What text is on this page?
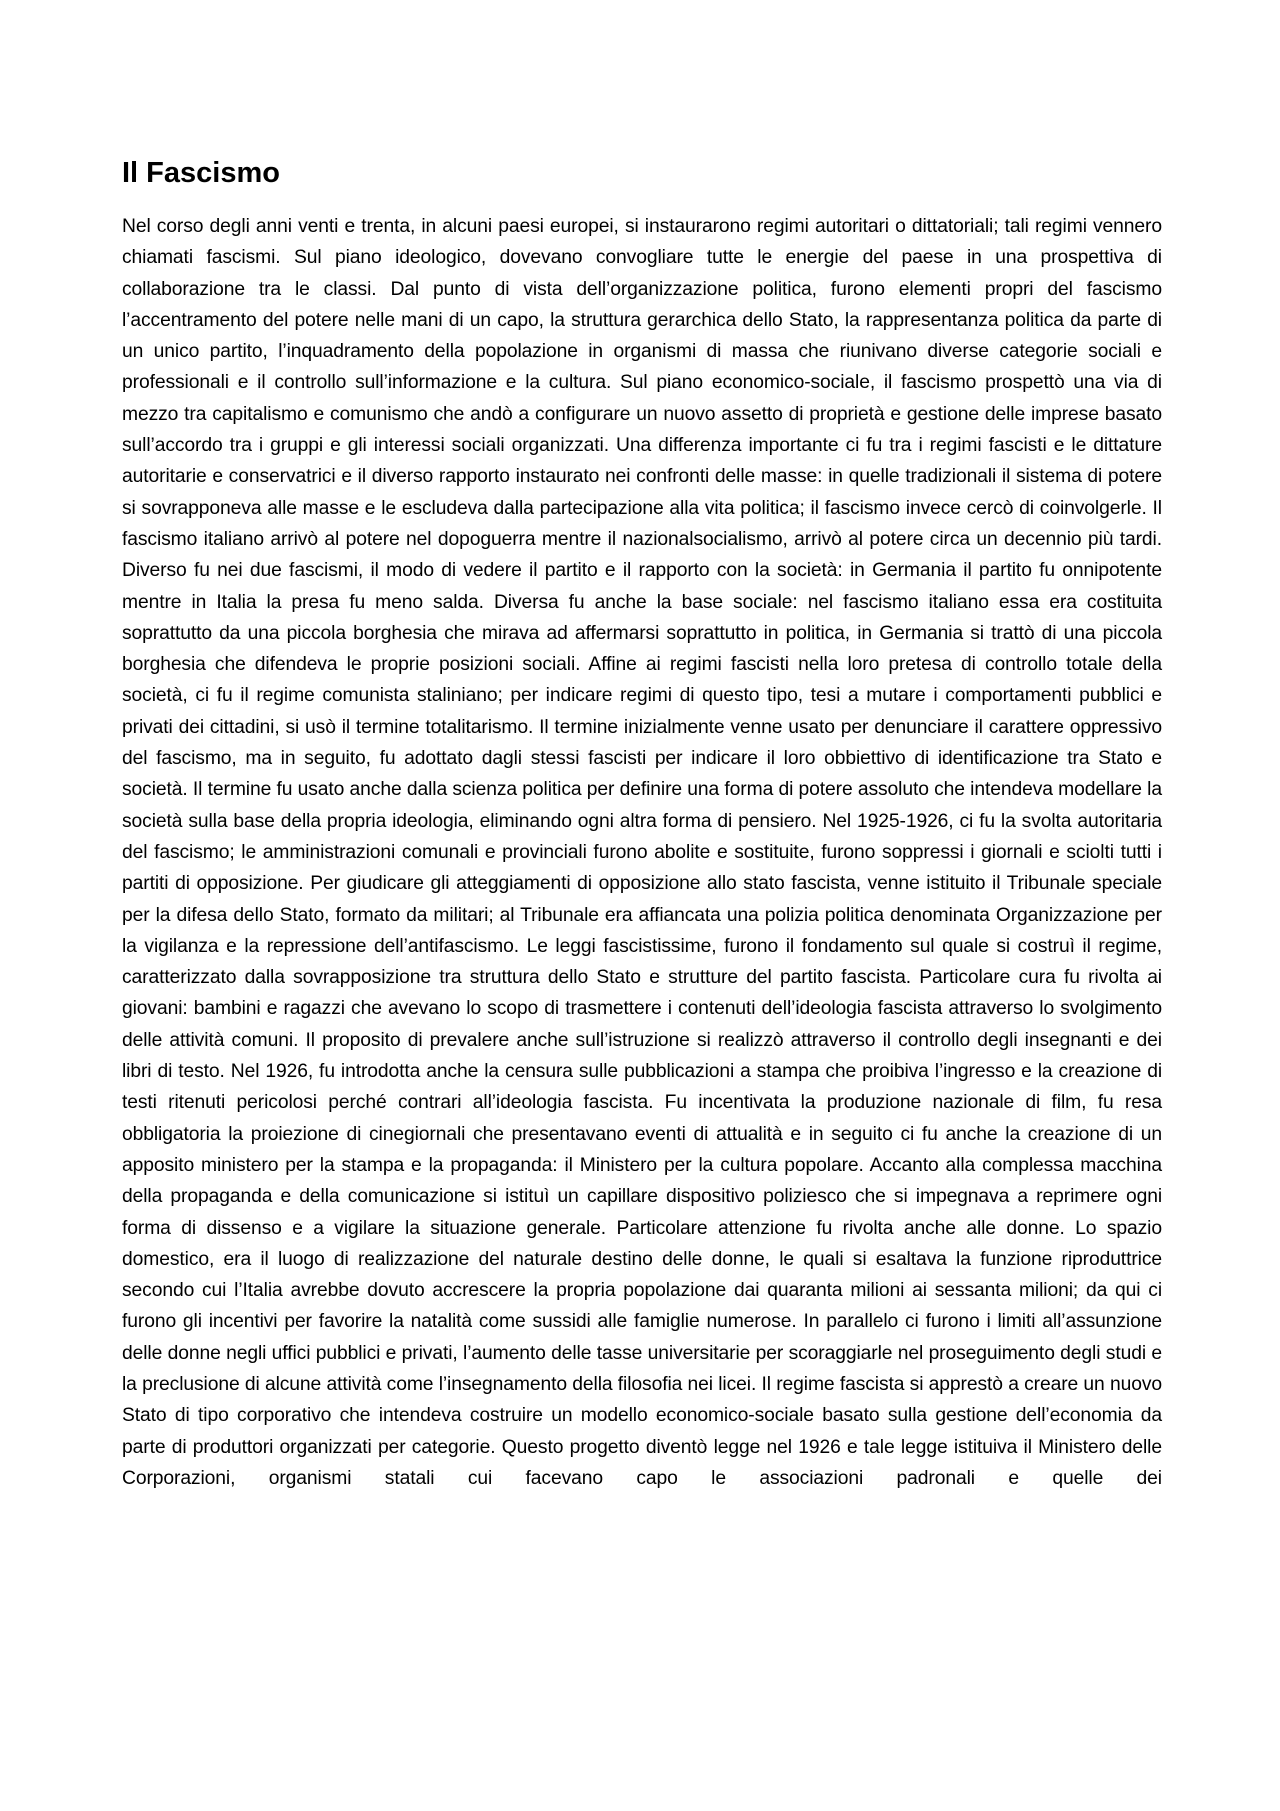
Il Fascismo

Nel corso degli anni venti e trenta, in alcuni paesi europei, si instaurarono regimi autoritari o dittatoriali; tali regimi vennero chiamati fascismi. Sul piano ideologico, dovevano convogliare tutte le energie del paese in una prospettiva di collaborazione tra le classi. Dal punto di vista dell’organizzazione politica, furono elementi propri del fascismo l’accentramento del potere nelle mani di un capo, la struttura gerarchica dello Stato, la rappresentanza politica da parte di un unico partito, l’inquadramento della popolazione in organismi di massa che riunivano diverse categorie sociali e professionali e il controllo sull’informazione e la cultura. Sul piano economico-sociale, il fascismo prospettò una via di mezzo tra capitalismo e comunismo che andò a configurare un nuovo assetto di proprietà e gestione delle imprese basato sull’accordo tra i gruppi e gli interessi sociali organizzati. Una differenza importante ci fu tra i regimi fascisti e le dittature autoritarie e conservatrici e il diverso rapporto instaurato nei confronti delle masse: in quelle tradizionali il sistema di potere si sovrapponeva alle masse e le escludeva dalla partecipazione alla vita politica; il fascismo invece cercò di coinvolgerle. Il fascismo italiano arrivò al potere nel dopoguerra mentre il nazionalsocialismo, arrivò al potere circa un decennio più tardi. Diverso fu nei due fascismi, il modo di vedere il partito e il rapporto con la società: in Germania il partito fu onnipotente mentre in Italia la presa fu meno salda. Diversa fu anche la base sociale: nel fascismo italiano essa era costituita soprattutto da una piccola borghesia che mirava ad affermarsi soprattutto in politica, in Germania si trattò di una piccola borghesia che difendeva le proprie posizioni sociali. Affine ai regimi fascisti nella loro pretesa di controllo totale della società, ci fu il regime comunista staliniano; per indicare regimi di questo tipo, tesi a mutare i comportamenti pubblici e privati dei cittadini, si usò il termine totalitarismo. Il termine inizialmente venne usato per denunciare il carattere oppressivo del fascismo, ma in seguito, fu adottato dagli stessi fascisti per indicare il loro obbiettivo di identificazione tra Stato e società. Il termine fu usato anche dalla scienza politica per definire una forma di potere assoluto che intendeva modellare la società sulla base della propria ideologia, eliminando ogni altra forma di pensiero. Nel 1925-1926, ci fu la svolta autoritaria del fascismo; le amministrazioni comunali e provinciali furono abolite e sostituite, furono soppressi i giornali e sciolti tutti i partiti di opposizione. Per giudicare gli atteggiamenti di opposizione allo stato fascista, venne istituito il Tribunale speciale per la difesa dello Stato, formato da militari; al Tribunale era affiancata una polizia politica denominata Organizzazione per la vigilanza e la repressione dell’antifascismo. Le leggi fascistissime, furono il fondamento sul quale si costruì il regime, caratterizzato dalla sovrapposizione tra struttura dello Stato e strutture del partito fascista. Particolare cura fu rivolta ai giovani: bambini e ragazzi che avevano lo scopo di trasmettere i contenuti dell’ideologia fascista attraverso lo svolgimento delle attività comuni. Il proposito di prevalere anche sull’istruzione si realizzò attraverso il controllo degli insegnanti e dei libri di testo. Nel 1926, fu introdotta anche la censura sulle pubblicazioni a stampa che proibiva l’ingresso e la creazione di testi ritenuti pericolosi perché contrari all’ideologia fascista. Fu incentivata la produzione nazionale di film, fu resa obbligatoria la proiezione di cinegiornali che presentavano eventi di attualità e in seguito ci fu anche la creazione di un apposito ministero per la stampa e la propaganda: il Ministero per la cultura popolare. Accanto alla complessa macchina della propaganda e della comunicazione si istituì un capillare dispositivo poliziesco che si impegnava a reprimere ogni forma di dissenso e a vigilare la situazione generale. Particolare attenzione fu rivolta anche alle donne. Lo spazio domestico, era il luogo di realizzazione del naturale destino delle donne, le quali si esaltava la funzione riproduttrice secondo cui l’Italia avrebbe dovuto accrescere la propria popolazione dai quaranta milioni ai sessanta milioni; da qui ci furono gli incentivi per favorire la natalità come sussidi alle famiglie numerose. In parallelo ci furono i limiti all’assunzione delle donne negli uffici pubblici e privati, l’aumento delle tasse universitarie per scoraggiarle nel proseguimento degli studi e la preclusione di alcune attività come l’insegnamento della filosofia nei licei. Il regime fascista si apprestò a creare un nuovo Stato di tipo corporativo che intendeva costruire un modello economico-sociale basato sulla gestione dell’economia da parte di produttori organizzati per categorie. Questo progetto diventò legge nel 1926 e tale legge istituiva il Ministero delle Corporazioni, organismi statali cui facevano capo le associazioni padronali e quelle dei
